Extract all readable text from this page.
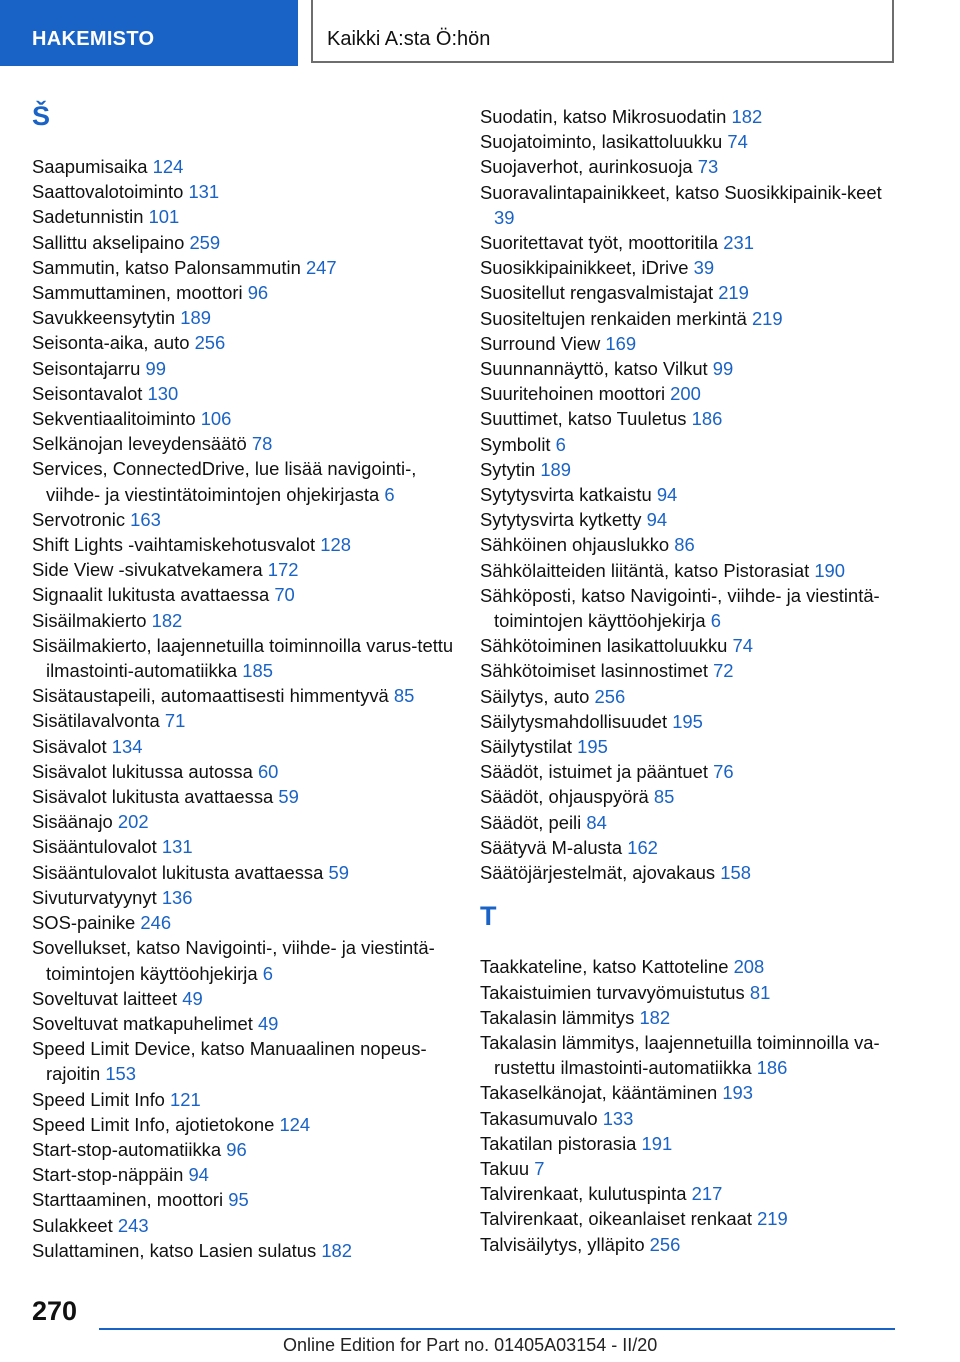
HAKEMISTO	Kaikki A:sta Ö:hön
Š
Saapumisaika 124
Saattovalotoiminto 131
Sadetunnistin 101
Sallittu akselipaino 259
Sammutin, katso Palonsammutin 247
Sammuttaminen, moottori 96
Savukkeensytytin 189
Seisonta-aika, auto 256
Seisontajarru 99
Seisontavalot 130
Sekventiaalitoiminto 106
Selkänojan leveydensäätö 78
Services, ConnectedDrive, lue lisää navigointi-, viihde- ja viestintätoimintojen ohjekirjasta 6
Servotronic 163
Shift Lights -vaihtamiskehotusvalot 128
Side View -sivukatvekamera 172
Signaalit lukitusta avattaessa 70
Sisäilmakierto 182
Sisäilmakierto, laajennetuilla toiminnoilla varus-tettu ilmastointi-automatiikka 185
Sisätaustapeili, automaattisesti himmentyvä 85
Sisätilavalvonta 71
Sisävalot 134
Sisävalot lukitussa autossa 60
Sisävalot lukitusta avattaessa 59
Sisäänajo 202
Sisääntulovalot 131
Sisääntulovalot lukitusta avattaessa 59
Sivuturvatyynyt 136
SOS-painike 246
Sovellukset, katso Navigointi-, viihde- ja viestintä-toimintojen käyttöohjekirja 6
Soveltuvat laitteet 49
Soveltuvat matkapuhelimet 49
Speed Limit Device, katso Manuaalinen nopeus-rajoitin 153
Speed Limit Info 121
Speed Limit Info, ajotietokone 124
Start-stop-automatiikka 96
Start-stop-näppäin 94
Starttaaminen, moottori 95
Sulakkeet 243
Sulattaminen, katso Lasien sulatus 182
Suodatin, katso Mikrosuodatin 182
Suojatoiminto, lasikattoluukku 74
Suojaverhot, aurinkosuoja 73
Suoravalintapainikkeet, katso Suosikkipainik-keet 39
Suoritettavat työt, moottoritila 231
Suosikkipainikkeet, iDrive 39
Suositellut rengasvalmistajat 219
Suositeltujen renkaiden merkintä 219
Surround View 169
Suunnannäyttö, katso Vilkut 99
Suuritehoinen moottori 200
Suuttimet, katso Tuuletus 186
Symbolit 6
Sytytin 189
Sytytysvirta katkaistu 94
Sytytysvirta kytketty 94
Sähköinen ohjauslukko 86
Sähkölaitteiden liitäntä, katso Pistorasiat 190
Sähköposti, katso Navigointi-, viihde- ja viestintä-toimintojen käyttöohjekirja 6
Sähkötoiminen lasikattoluukku 74
Sähkötoimiset lasinnostimet 72
Säilytys, auto 256
Säilytysmahdollisuudet 195
Säilytystilat 195
Säädöt, istuimet ja pääntuet 76
Säädöt, ohjauspyörä 85
Säädöt, peili 84
Säätyvä M-alusta 162
Säätöjärjestelmät, ajovakaus 158
T
Taakkateline, katso Kattoteline 208
Takaistuimien turvavyömuistutus 81
Takalasin lämmitys 182
Takalasin lämmitys, laajennetuilla toiminnoilla va-rustettu ilmastointi-automatiikka 186
Takaselkänojat, kääntäminen 193
Takasumuvalo 133
Takatilan pistorasia 191
Takuu 7
Talvirenkaat, kulutuspinta 217
Talvirenkaat, oikeanlaiset renkaat 219
Talvisäilytys, ylläpito 256
270
Online Edition for Part no. 01405A03154 - II/20
